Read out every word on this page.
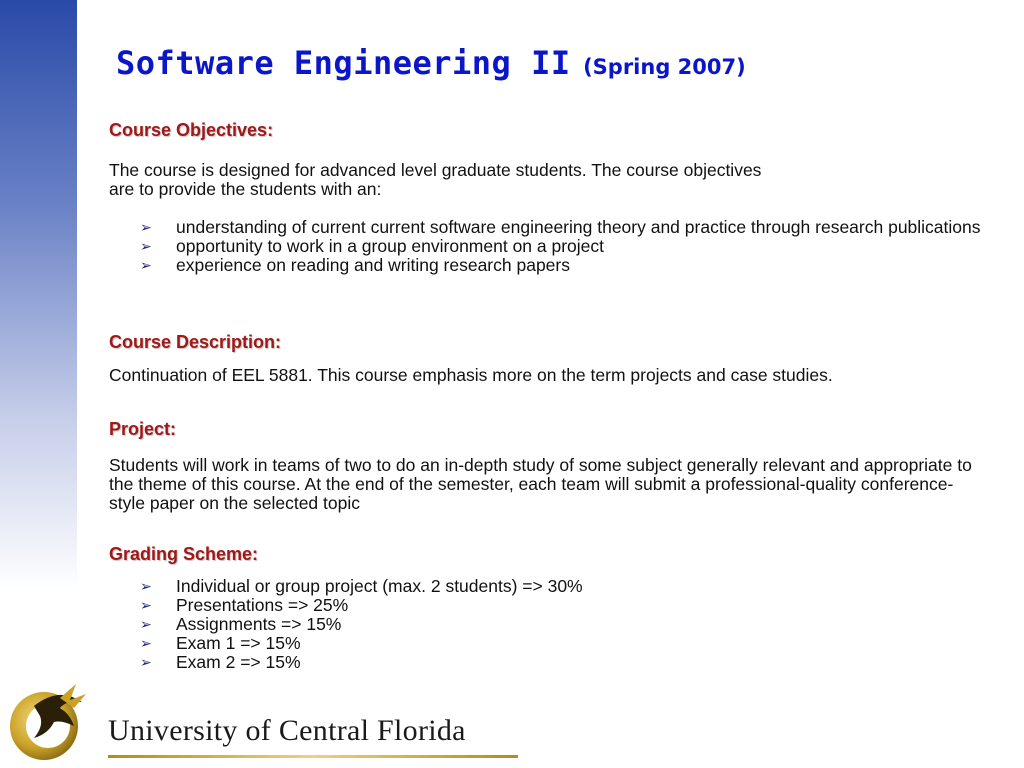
Software Engineering II (Spring 2007)
Course Objectives:
The course is designed for advanced level graduate students. The course objectives
are to provide the students with an:
➢ understanding of current current software engineering theory and practice through research publications
➢ opportunity to work in a group environment on a project
➢ experience on reading and writing research papers
Course Description:
Continuation of EEL 5881. This course emphasis more on the term projects and case studies.
Project:
Students will work in teams of two to do an in-depth study of some subject generally relevant and appropriate to the theme of this course. At the end of the semester, each team will submit a professional-quality conference-style paper on the selected topic
Grading Scheme:
➢ Individual or group project (max. 2 students) => 30%
➢ Presentations => 25%
➢ Assignments => 15%
➢ Exam 1 => 15%
➢ Exam 2 => 15%
University of Central Florida
